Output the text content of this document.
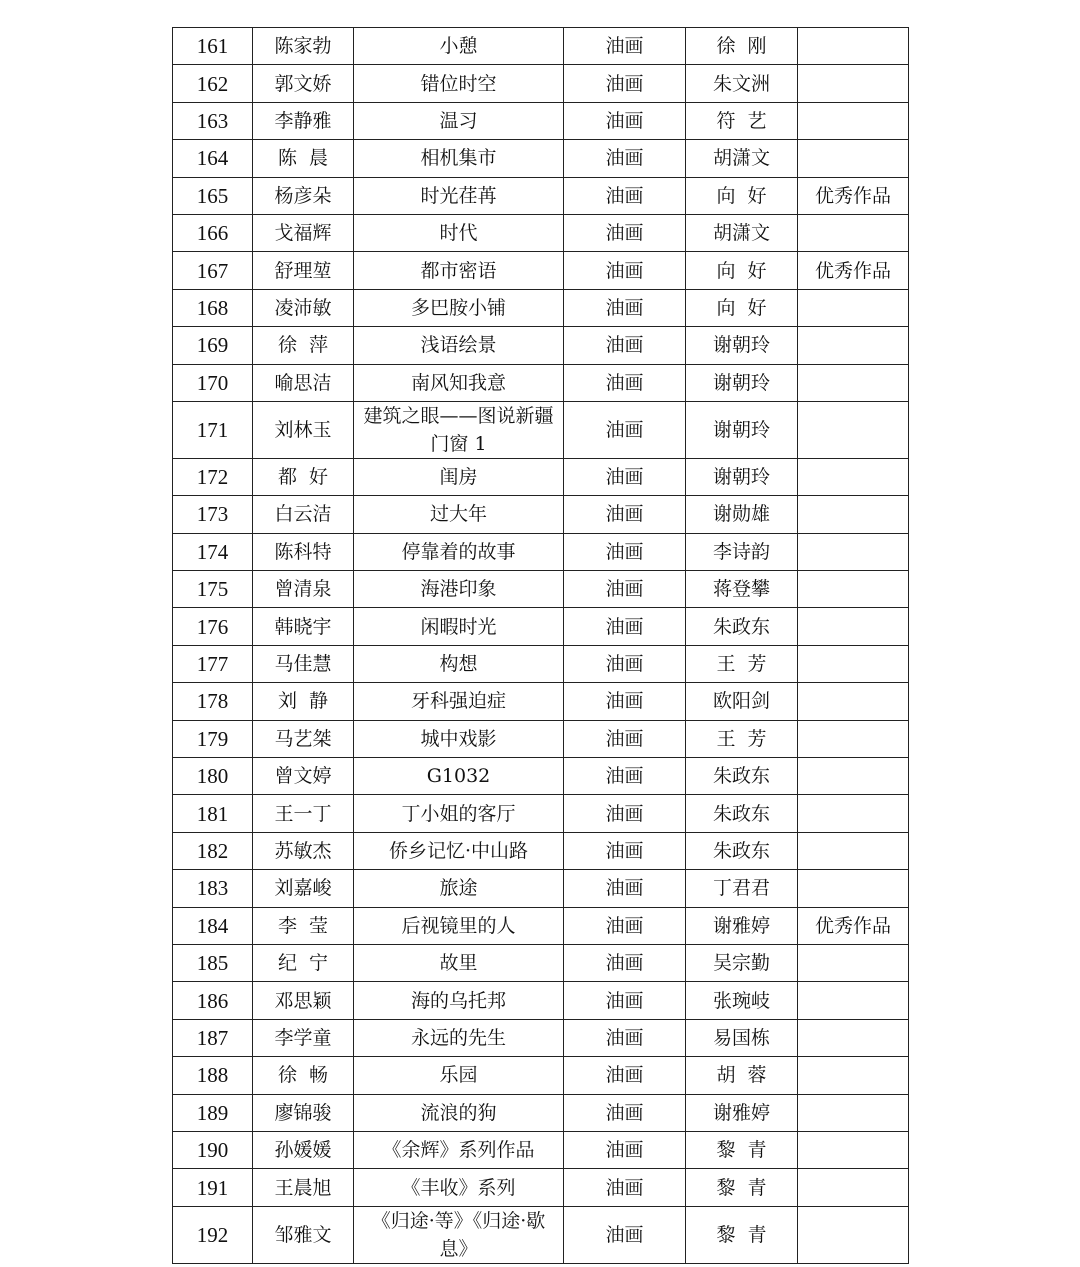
161	陈家勃	小憩	油画	徐  刚	
162	郭文娇	错位时空	油画	朱文洲	
163	李静雅	温习	油画	符  艺	
164	陈  晨	相机集市	油画	胡潇文	
165	杨彦朵	时光荏苒	油画	向  好	优秀作品
166	戈福辉	时代	油画	胡潇文	
167	舒理堃	都市密语	油画	向  好	优秀作品
168	凌沛敏	多巴胺小铺	油画	向  好	
169	徐  萍	浅语绘景	油画	谢朝玲	
170	喻思洁	南风知我意	油画	谢朝玲	
171	刘林玉	建筑之眼——图说新疆门窗 1	油画	谢朝玲	
172	都  好	闺房	油画	谢朝玲	
173	白云洁	过大年	油画	谢勋雄	
174	陈科特	停靠着的故事	油画	李诗韵	
175	曾清泉	海港印象	油画	蒋登攀	
176	韩晓宇	闲暇时光	油画	朱政东	
177	马佳慧	构想	油画	王  芳	
178	刘  静	牙科强迫症	油画	欧阳剑	
179	马艺桀	城中戏影	油画	王  芳	
180	曾文婷	G1032	油画	朱政东	
181	王一丁	丁小姐的客厅	油画	朱政东	
182	苏敏杰	侨乡记忆·中山路	油画	朱政东	
183	刘嘉峻	旅途	油画	丁君君	
184	李  莹	后视镜里的人	油画	谢雅婷	优秀作品
185	纪  宁	故里	油画	吴宗勤	
186	邓思颖	海的乌托邦	油画	张琬岐	
187	李学童	永远的先生	油画	易国栋	
188	徐  畅	乐园	油画	胡  蓉	
189	廖锦骏	流浪的狗	油画	谢雅婷	
190	孙媛媛	《余辉》系列作品	油画	黎  青	
191	王晨旭	《丰收》系列	油画	黎  青	
192	邹雅文	《归途·等》《归途·歇息》	油画	黎  青	
